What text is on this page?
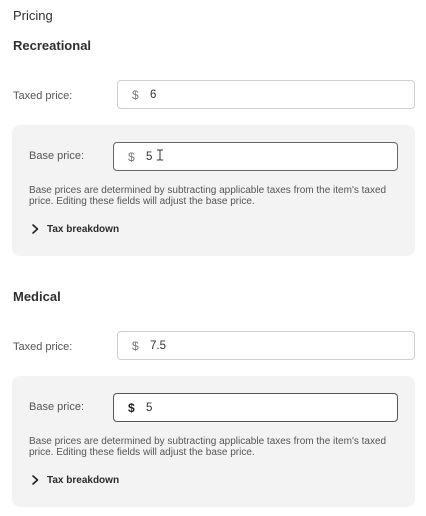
Pricing
Recreational
Taxed price:	$ 6
Base price:	$ 5
Base prices are determined by subtracting applicable taxes from the item's taxed price. Editing these fields will adjust the base price.
Tax breakdown
Medical
Taxed price:	$ 7.5
Base price:	$ 5
Base prices are determined by subtracting applicable taxes from the item's taxed price. Editing these fields will adjust the base price.
Tax breakdown
